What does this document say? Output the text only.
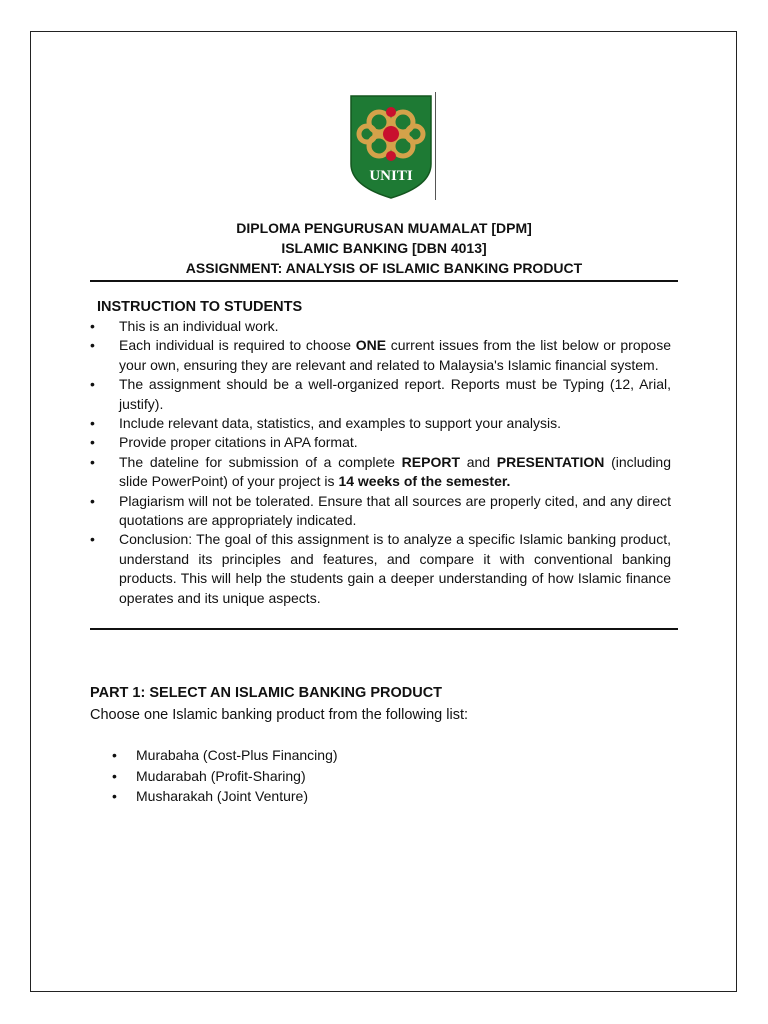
UNITI
DIPLOMA PENGURUSAN MUAMALAT [DPM]
ISLAMIC BANKING [DBN 4013]
ASSIGNMENT: ANALYSIS OF ISLAMIC BANKING PRODUCT
INSTRUCTION TO STUDENTS
• This is an individual work.
• Each individual is required to choose ONE current issues from the list below or propose your own, ensuring they are relevant and related to Malaysia's Islamic financial system.
• The assignment should be a well-organized report. Reports must be Typing (12, Arial, justify).
• Include relevant data, statistics, and examples to support your analysis.
• Provide proper citations in APA format.
• The dateline for submission of a complete REPORT and PRESENTATION (including slide PowerPoint) of your project is 14 weeks of the semester.
• Plagiarism will not be tolerated. Ensure that all sources are properly cited, and any direct quotations are appropriately indicated.
• Conclusion: The goal of this assignment is to analyze a specific Islamic banking product, understand its principles and features, and compare it with conventional banking products. This will help the students gain a deeper understanding of how Islamic finance operates and its unique aspects.
PART 1: SELECT AN ISLAMIC BANKING PRODUCT
Choose one Islamic banking product from the following list:
• Murabaha (Cost-Plus Financing)
• Mudarabah (Profit-Sharing)
• Musharakah (Joint Venture)
